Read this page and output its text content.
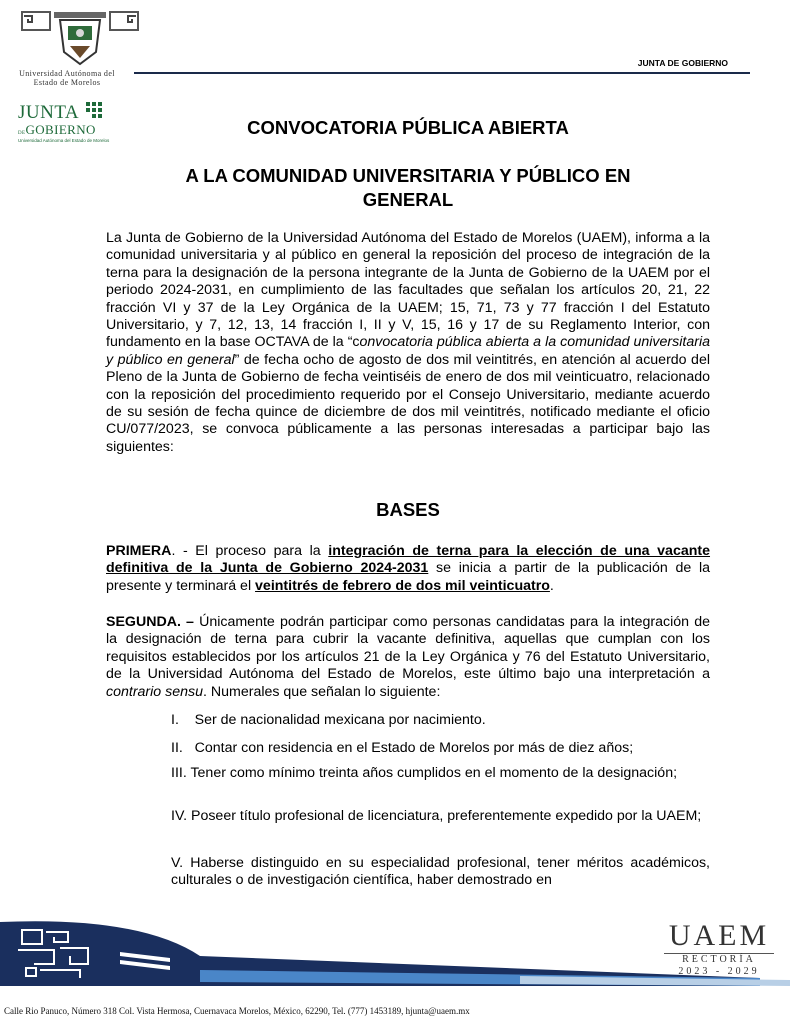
Universidad Autónoma del
Estado de Morelos
JUNTA DE GOBIERNO
JUNTA
DEGOBIERNO
Universidad Autónoma del Estado de Morelos
CONVOCATORIA PÚBLICA ABIERTA
A LA COMUNIDAD UNIVERSITARIA Y PÚBLICO EN
GENERAL
La Junta de Gobierno de la Universidad Autónoma del Estado de Morelos (UAEM), informa a la comunidad universitaria y al público en general la reposición del proceso de integración de la terna para la designación de la persona integrante de la Junta de Gobierno de la UAEM por el periodo 2024-2031, en cumplimiento de las facultades que señalan los artículos 20, 21, 22 fracción VI y 37 de la Ley Orgánica de la UAEM; 15, 71, 73 y 77 fracción I del Estatuto Universitario, y 7, 12, 13, 14 fracción I, II y V, 15, 16 y 17 de su Reglamento Interior, con fundamento en la base OCTAVA de la “convocatoria pública abierta a la comunidad universitaria y público en general” de fecha ocho de agosto de dos mil veintitrés, en atención al acuerdo del Pleno de la Junta de Gobierno de fecha veintiséis de enero de dos mil veinticuatro, relacionado con la reposición del procedimiento requerido por el Consejo Universitario, mediante acuerdo de su sesión de fecha quince de diciembre de dos mil veintitrés, notificado mediante el oficio CU/077/2023, se convoca públicamente a las personas interesadas a participar bajo las siguientes:
BASES
PRIMERA. - El proceso para la integración de terna para la elección de una vacante definitiva de la Junta de Gobierno 2024-2031 se inicia a partir de la publicación de la presente y terminará el veintitrés de febrero de dos mil veinticuatro.
SEGUNDA. – Únicamente podrán participar como personas candidatas para la integración de la designación de terna para cubrir la vacante definitiva, aquellas que cumplan con los requisitos establecidos por los artículos 21 de la Ley Orgánica y 76 del Estatuto Universitario, de la Universidad Autónoma del Estado de Morelos, este último bajo una interpretación a contrario sensu. Numerales que señalan lo siguiente:
I.    Ser de nacionalidad mexicana por nacimiento.
II.   Contar con residencia en el Estado de Morelos por más de diez años;
III. Tener como mínimo treinta años cumplidos en el momento de la designación;
IV. Poseer título profesional de licenciatura, preferentemente expedido por la UAEM;
V. Haberse distinguido en su especialidad profesional, tener méritos académicos, culturales o de investigación científica, haber demostrado en
UAEM
RECTORÍA
2023 - 2029
Calle Rio Panuco, Número 318 Col. Vista Hermosa, Cuernavaca Morelos, México, 62290, Tel. (777) 1453189, hjunta@uaem.mx
